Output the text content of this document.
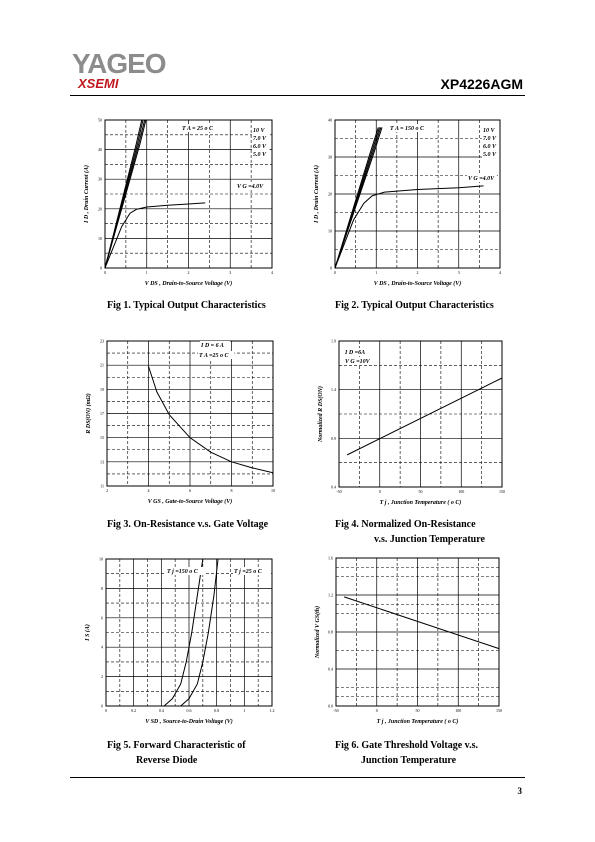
YAGEO
XSEMI	XP4226AGM
0	1	2	3	4
0
10
20
30
40
50
T A = 25 o C	10 V
7.0 V
6.0 V
5.0 V
V G =4.0V
V DS , Drain-to-Source Voltage (V)
I D , Drain Current (A)
0	1	2	3	4
0
10
20
30
40
T A = 150 o C	10 V
7.0 V
6.0 V
5.0 V
V G =4.0V
V DS , Drain-to-Source Voltage (V)
I D , Drain Current (A)
2	4	6	8	10
11
13
15
17
19
21
23
I D = 6 A
T A =25 o C
V GS , Gate-to-Source Voltage (V)
R DS(ON) (mΩ)
-50	0	50	100	150
0.4
0.9
1.4
1.9
I D =6A
V G =10V
T j , Junction Temperature ( o C)
Normalized R DS(ON)
0	0.2	0.4	0.6	0.8	1	1.2
0
2
4
6
8
10
T j =150 o C	T j =25 o C
V SD , Source-to-Drain Voltage (V)
I S (A)
-50	0	50	100	150
0.0
0.4
0.8
1.2
1.6
T j , Junction Temperature ( o C)
Normalized V GS(th)
Fig 1. Typical Output Characteristics	Fig 2. Typical Output Characteristics
Fig 3. On-Resistance v.s. Gate Voltage	Fig 4. Normalized On-Resistance
v.s. Junction Temperature
Fig 5. Forward Characteristic of
Reverse Diode
Fig 6. Gate Threshold Voltage v.s.
Junction Temperature
3
